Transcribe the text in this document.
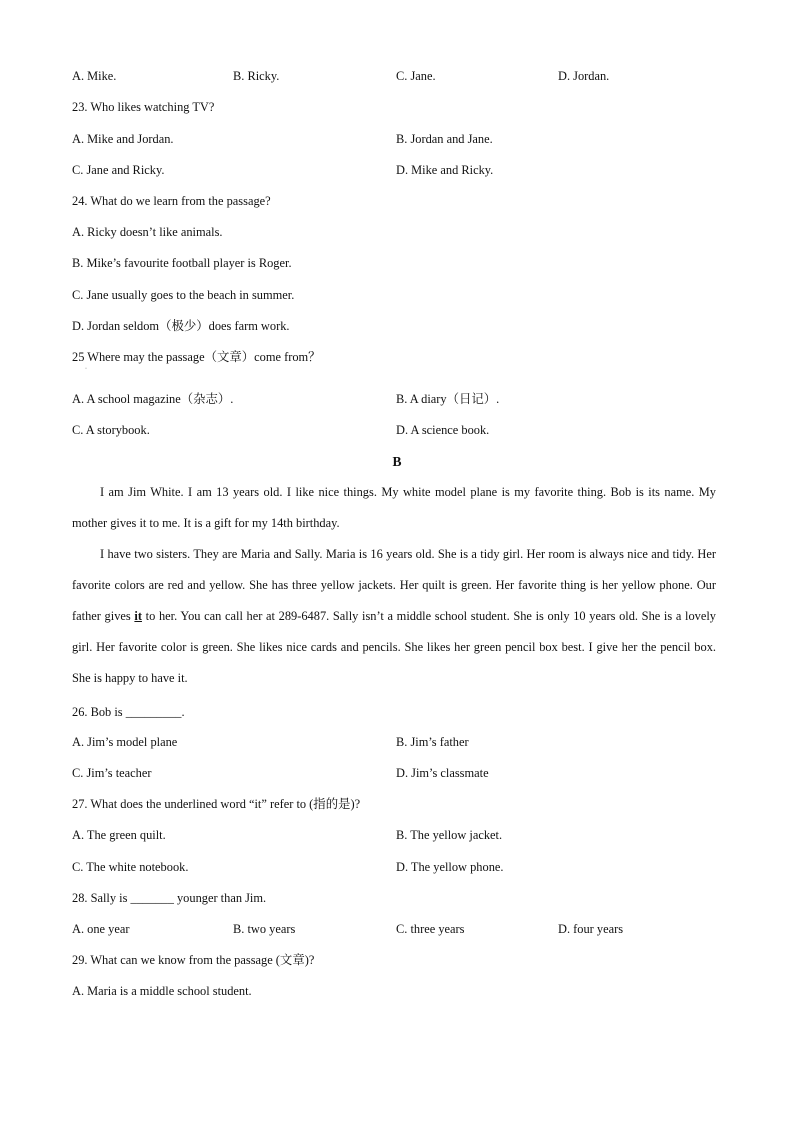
A. Mike.	B. Ricky.	C. Jane.	D. Jordan.
23. Who likes watching TV?
A. Mike and Jordan.	B. Jordan and Jane.
C. Jane and Ricky.	D. Mike and Ricky.
24. What do we learn from the passage?
A. Ricky doesn’t like animals.
B. Mike’s favourite football player is Roger.
C. Jane usually goes to the beach in summer.
D. Jordan seldom（极少）does farm work.
25 Where may the passage（文章）come from？
·
A. A school magazine（杂志）.	B. A diary（日记）.
C. A storybook.	D. A science book.
B
I am Jim White. I am 13 years old. I like nice things. My white model plane is my favorite thing. Bob is its name. My mother gives it to me. It is a gift for my 14th birthday.
I have two sisters. They are Maria and Sally. Maria is 16 years old. She is a tidy girl. Her room is always nice and tidy. Her favorite colors are red and yellow. She has three yellow jackets. Her quilt is green. Her favorite thing is her yellow phone. Our father gives it to her. You can call her at 289-6487. Sally isn’t a middle school student. She is only 10 years old. She is a lovely girl. Her favorite color is green. She likes nice cards and pencils. She likes her green pencil box best. I give her the pencil box. She is happy to have it.
26. Bob is _________.
A. Jim’s model plane	B. Jim’s father
C. Jim’s teacher	D. Jim’s classmate
27. What does the underlined word “it” refer to (指的是)?
A. The green quilt.	B. The yellow jacket.
C. The white notebook.	D. The yellow phone.
28. Sally is _______ younger than Jim.
A. one year	B. two years	C. three years	D. four years
29. What can we know from the passage (文章)?
A. Maria is a middle school student.
